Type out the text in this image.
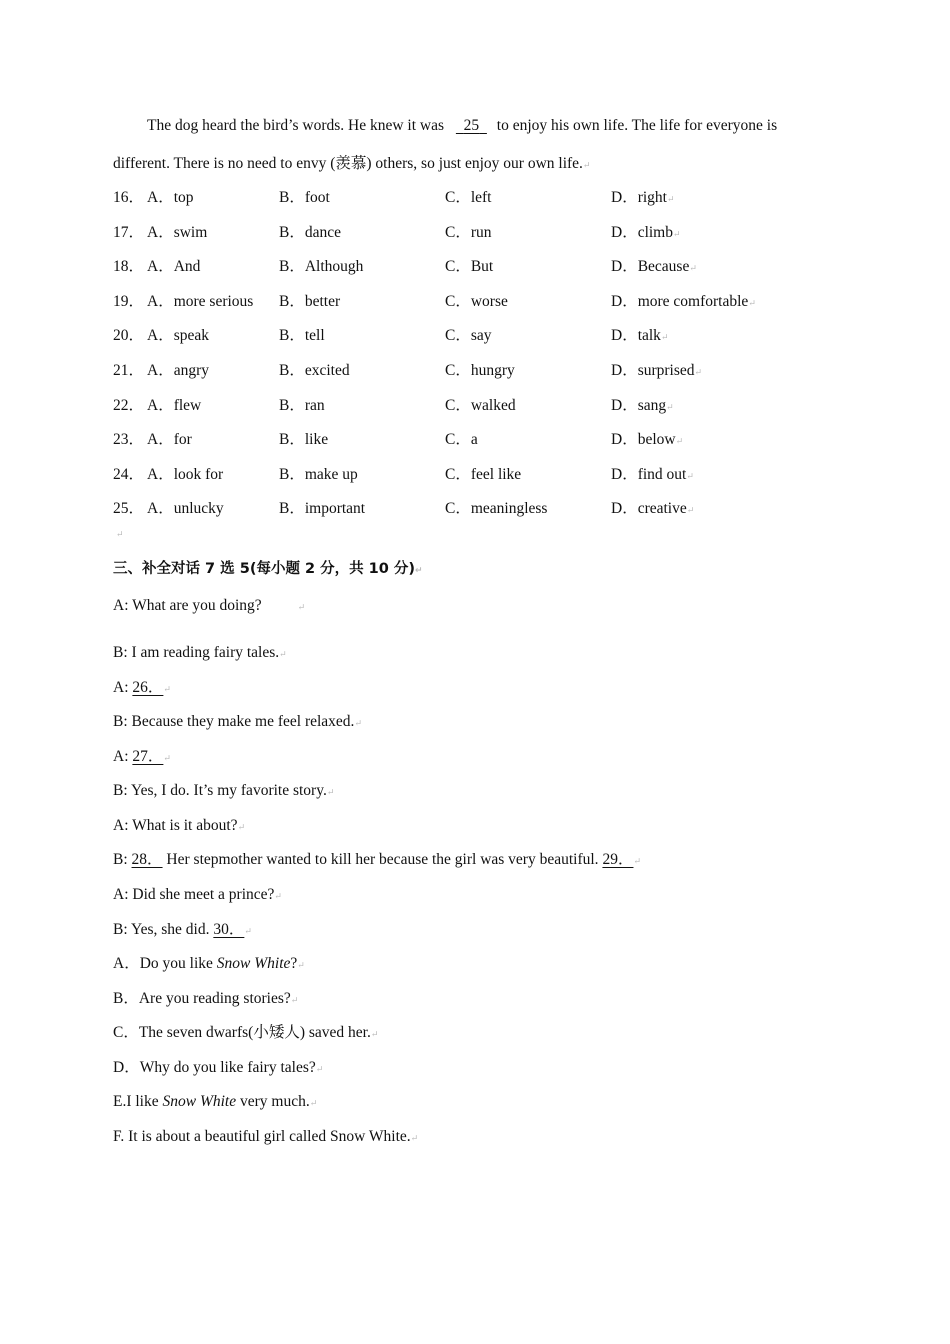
The dog heard the bird’s words. He knew it was 25 to enjoy his own life. The life for everyone is
different. There is no need to envy (羡慕) others, so just enjoy our own life.↵
16． A．top	B．foot	C．left	D．right↵
17． A．swim	B．dance	C．run	D．climb↵
18． A．And	B．Although	C．But	D．Because↵
19． A．more serious B．better	C．worse	D．more comfortable↵
20． A．speak	B．tell	C．say	D．talk↵
21． A．angry	B．excited	C．hungry	D．surprised↵
22． A．flew	B．ran	C．walked	D．sang↵
23． A．for	B．like	C．a	D．below↵
24． A．look for	B．make up	C．feel like	D．find out↵
25． A．unlucky	B．important	C．meaningless	D．creative↵
↵
三、补全对话 7 选 5(每小题 2 分，共 10 分)↵
A: What are you doing?	↵
B: I am reading fairy tales.↵
A: 26．↵
B: Because they make me feel relaxed.↵
A: 27．↵
B: Yes, I do. It’s my favorite story.↵
A: What is it about?↵
B: 28． Her stepmother wanted to kill her because the girl was very beautiful. 29．↵
A: Did she meet a prince?↵
B: Yes, she did. 30．↵
A．Do you like Snow White?↵
B．Are you reading stories?↵
C．The seven dwarfs(小矮人) saved her.↵
D．Why do you like fairy tales?↵
E.I like Snow White very much.↵
F. It is about a beautiful girl called Snow White.↵
